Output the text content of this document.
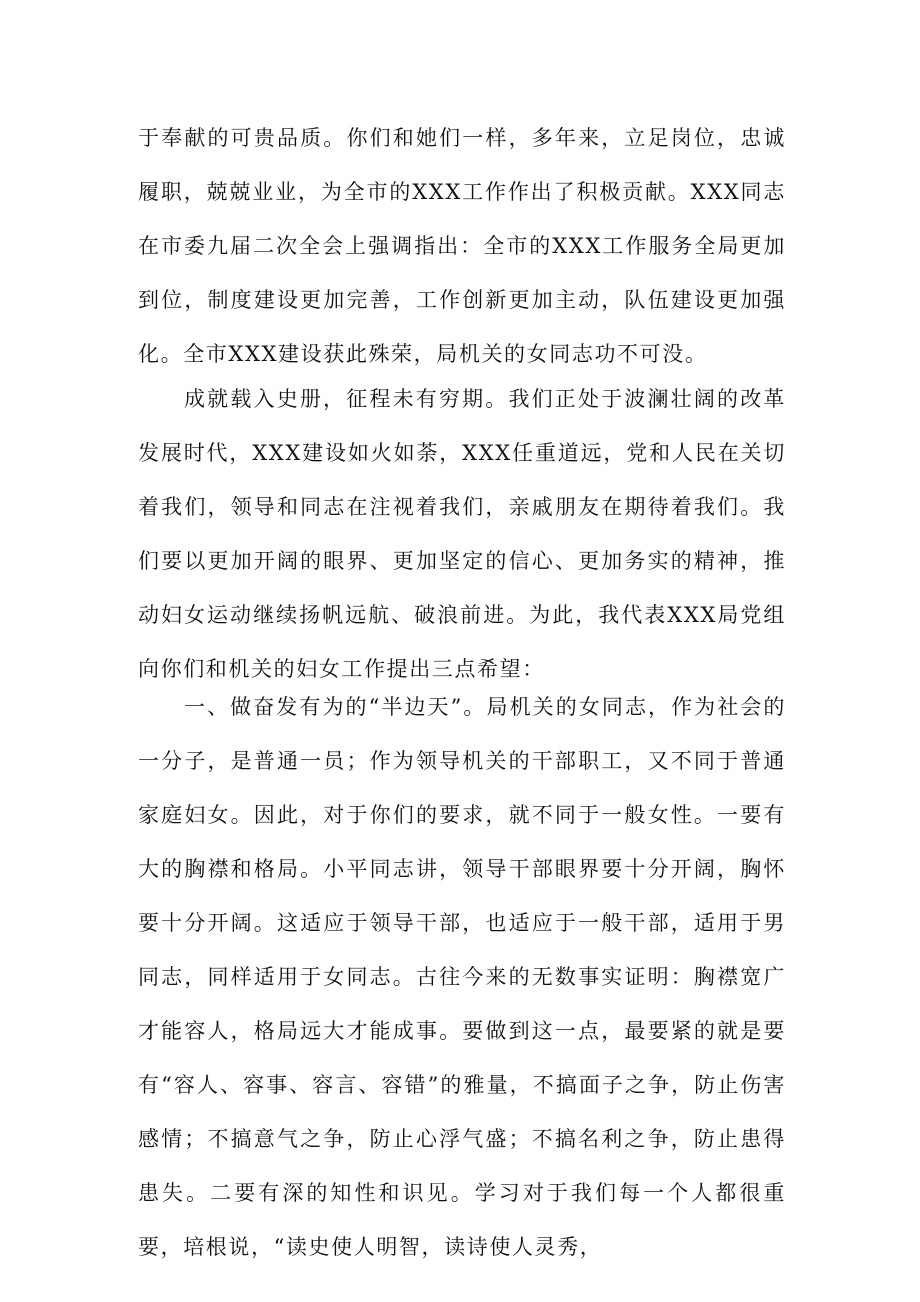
于奉献的可贵品质。你们和她们一样，多年来，立足岗位，忠诚履职，兢兢业业，为全市的XXX工作作出了积极贡献。XXX同志在市委九届二次全会上强调指出：全市的XXX工作服务全局更加到位，制度建设更加完善，工作创新更加主动，队伍建设更加强化。全市XXX建设获此殊荣，局机关的女同志功不可没。

成就载入史册，征程未有穷期。我们正处于波澜壮阔的改革发展时代，XXX建设如火如荼，XXX任重道远，党和人民在关切着我们，领导和同志在注视着我们，亲戚朋友在期待着我们。我们要以更加开阔的眼界、更加坚定的信心、更加务实的精神，推动妇女运动继续扬帆远航、破浪前进。为此，我代表XXX局党组向你们和机关的妇女工作提出三点希望：

一、做奋发有为的“半边天”。局机关的女同志，作为社会的一分子，是普通一员；作为领导机关的干部职工，又不同于普通家庭妇女。因此，对于你们的要求，就不同于一般女性。一要有大的胸襟和格局。小平同志讲，领导干部眼界要十分开阔，胸怀要十分开阔。这适应于领导干部，也适应于一般干部，适用于男同志，同样适用于女同志。古往今来的无数事实证明：胸襟宽广才能容人，格局远大才能成事。要做到这一点，最要紧的就是要有“容人、容事、容言、容错”的雅量，不搞面子之争，防止伤害感情；不搞意气之争，防止心浮气盛；不搞名利之争，防止患得患失。二要有深的知性和识见。学习对于我们每一个人都很重要，培根说，“读史使人明智，读诗使人灵秀，
